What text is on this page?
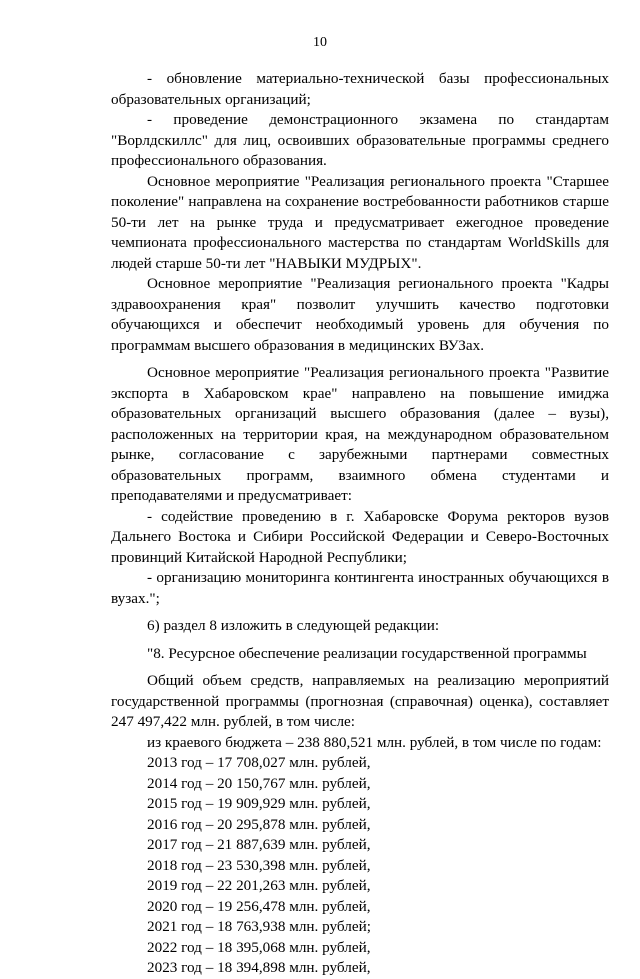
10

- обновление материально-технической базы профессиональных образовательных организаций;

- проведение демонстрационного экзамена по стандартам "Ворлдскиллс" для лиц, освоивших образовательные программы среднего профессионального образования.

Основное мероприятие "Реализация регионального проекта "Старшее поколение" направлена на сохранение востребованности работников старше 50-ти лет на рынке труда и предусматривает ежегодное проведение чемпионата профессионального мастерства по стандартам WorldSkills для людей старше 50-ти лет "НАВЫКИ МУДРЫХ".

Основное мероприятие "Реализация регионального проекта "Кадры здравоохранения края" позволит улучшить качество подготовки обучающихся и обеспечит необходимый уровень для обучения по программам высшего образования в медицинских ВУЗах.

Основное мероприятие "Реализация регионального проекта "Развитие экспорта в Хабаровском крае" направлено на повышение имиджа образовательных организаций высшего образования (далее – вузы), расположенных на территории края, на международном образовательном рынке, согласование с зарубежными партнерами совместных образовательных программ, взаимного обмена студентами и преподавателями и предусматривает:

- содействие проведению в г. Хабаровске Форума ректоров вузов Дальнего Востока и Сибири Российской Федерации и Северо-Восточных провинций Китайской Народной Республики;

- организацию мониторинга контингента иностранных обучающихся в вузах.";

6) раздел 8 изложить в следующей редакции:

"8. Ресурсное обеспечение реализации государственной программы

Общий объем средств, направляемых на реализацию мероприятий государственной программы (прогнозная (справочная) оценка), составляет 247 497,422 млн. рублей, в том числе:

из краевого бюджета – 238 880,521 млн. рублей, в том числе по годам:

2013 год – 17 708,027 млн. рублей,
2014 год – 20 150,767 млн. рублей,
2015 год – 19 909,929 млн. рублей,
2016 год – 20 295,878 млн. рублей,
2017 год – 21 887,639 млн. рублей,
2018 год – 23 530,398 млн. рублей,
2019 год – 22 201,263 млн. рублей,
2020 год – 19 256,478 млн. рублей,
2021 год – 18 763,938 млн. рублей;
2022 год – 18 395,068 млн. рублей,
2023 год – 18 394,898 млн. рублей,
